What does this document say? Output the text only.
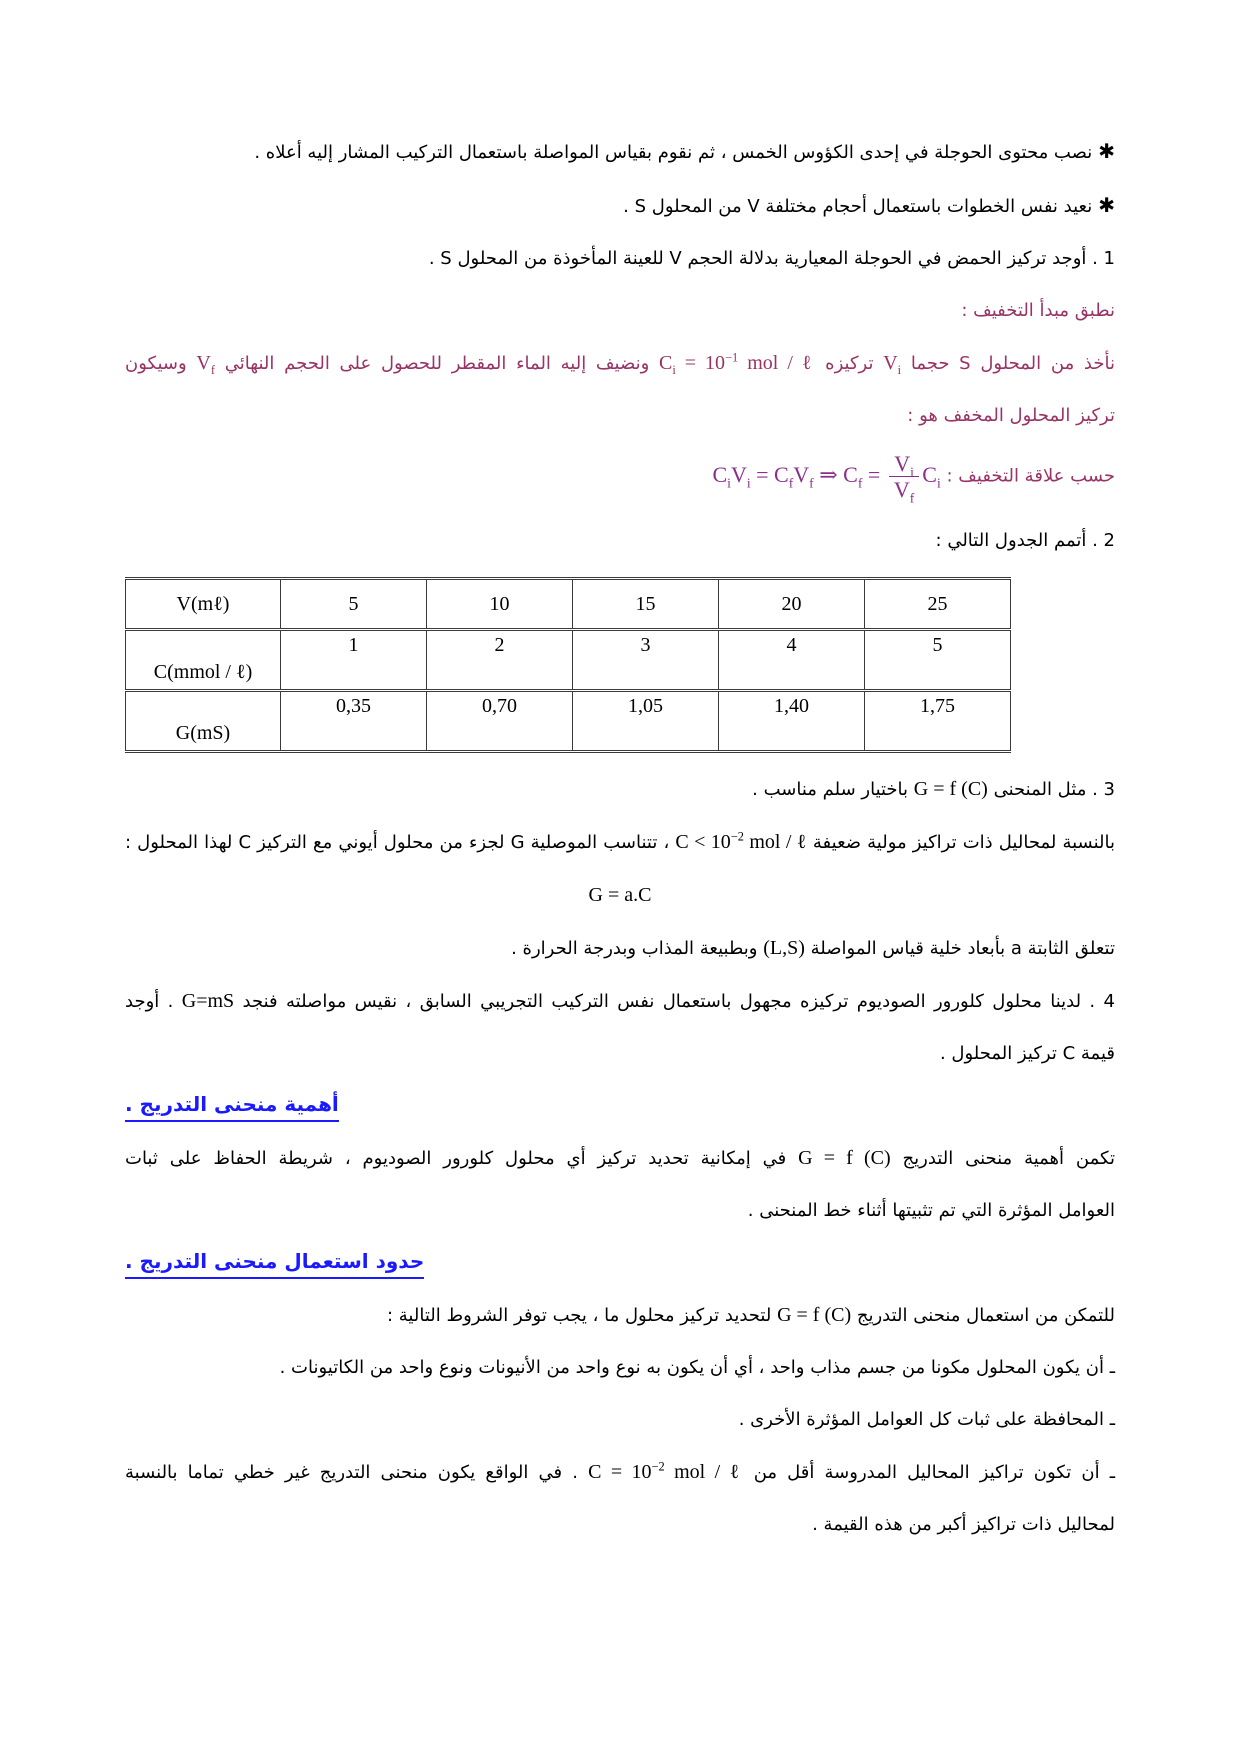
✱نصب محتوى الحوجلة في إحدى الكؤوس الخمس ، ثم نقوم بقياس المواصلة باستعمال التركيب المشار إليه أعلاه .

✱نعيد نفس الخطوات باستعمال أحجام مختلفة V من المحلول S .

1 . أوجد تركيز الحمض في الحوجلة المعيارية بدلالة الحجم V للعينة المأخوذة من المحلول S .

نطبق مبدأ التخفيف :

نأخذ من المحلول S حجما $V_i$ تركيزه $C_i = 10^{-1}$ mol / ℓ ونضيف إليه الماء المقطر للحصول على الحجم النهائي $V_f$ وسيكون

تركيز المحلول المخفف هو :

حسب علاقة التخفيف : $C_iV_i = C_fV_f$ ⇒ $C_f = \frac{V_i}{V_f} C_i$

2 . أتمم الجدول التالي :

V(mℓ)	5	10	15	20	25
C(mmol / ℓ)	1	2	3	4	5
G(mS)	0,35	0,70	1,05	1,40	1,75

3 . مثل المنحنى G = f (C) باختيار سلم مناسب .

بالنسبة لمحاليل ذات تراكيز مولية ضعيفة $C < 10^{-2}$ mol / ℓ ، تتناسب الموصلية G لجزء من محلول أيوني مع التركيز C لهذا المحلول :

G = a.C

تتعلق الثابتة a بأبعاد خلية قياس المواصلة (L,S) وبطبيعة المذاب وبدرجة الحرارة .

4 . لدينا محلول كلورور الصوديوم تركيزه مجهول باستعمال نفس التركيب التجريبي السابق ، نقيس مواصلته فنجد G=mS . أوجد

قيمة C تركيز المحلول .

أهمية منحنى التدريج .

تكمن أهمية منحنى التدريج G = f (C) في إمكانية تحديد تركيز أي محلول كلورور الصوديوم ، شريطة الحفاظ على ثبات

العوامل المؤثرة التي تم تثبيتها أثناء خط المنحنى .

حدود استعمال منحنى التدريج .

للتمكن من استعمال منحنى التدريج G = f (C) لتحديد تركيز محلول ما ، يجب توفر الشروط التالية :

ـ أن يكون المحلول مكونا من جسم مذاب واحد ، أي أن يكون به نوع واحد من الأنيونات ونوع واحد من الكاتيونات .

ـ المحافظة على ثبات كل العوامل المؤثرة الأخرى .

ـ أن تكون تراكيز المحاليل المدروسة أقل من $C = 10^{-2}$ mol / ℓ . في الواقع يكون منحنى التدريج غير خطي تماما بالنسبة

لمحاليل ذات تراكيز أكبر من هذه القيمة .
